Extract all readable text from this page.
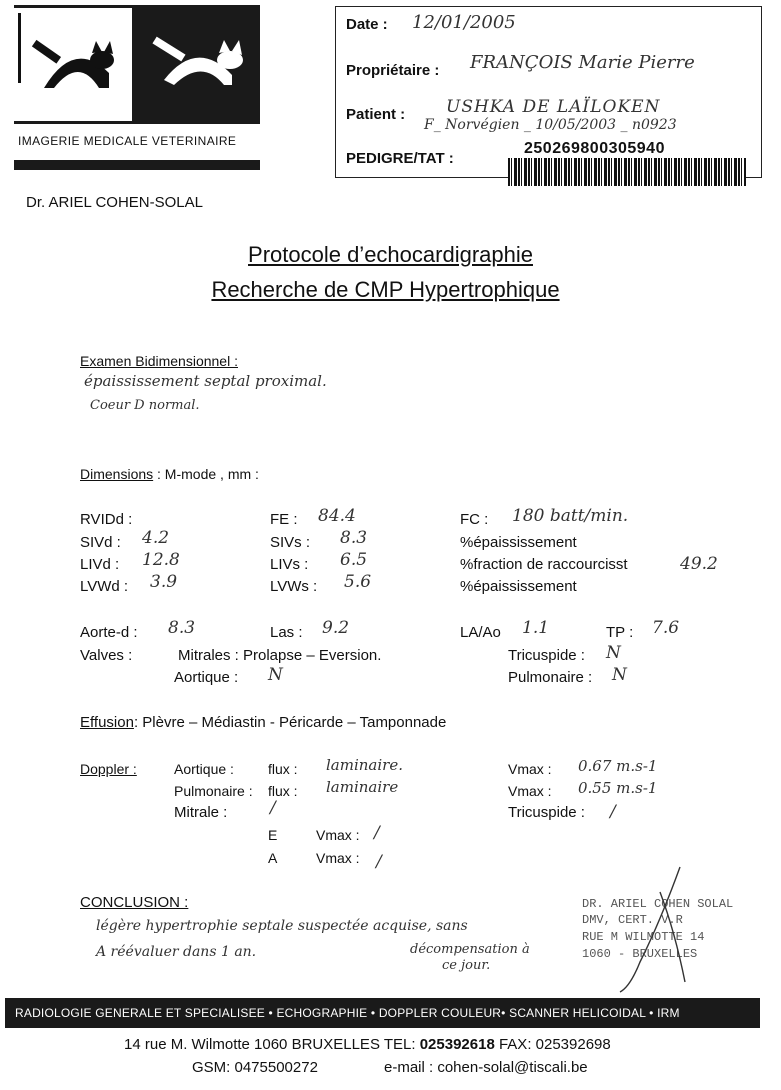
IMAGERIE MEDICALE VETERINAIRE
Date : 12/01/2005
Propriétaire : FRANÇOIS Marie Pierre
Patient : USHKA DE LAÏLOKEN
F_ Norvégien _ 10/05/2003 _ n0923
PEDIGRE/TAT :
250269800305940
Dr. ARIEL COHEN-SOLAL
Protocole d’echocardigraphie
Recherche de CMP Hypertrophique
Examen Bidimensionnel :
épaississement septal proximal.
Coeur D normal.
Dimensions : M-mode , mm :
RVIDd :	FE : 84.4	FC : 180 batt/min.
SIVd : 4.2	SIVs : 8.3	%épaississement
LIVd : 12.8	LIVs : 6.5	%fraction de raccourcisst	49.2
LVWd : 3.9	LVWs : 5.6	%épaississement
Aorte-d : 8.3	Las : 9.2	LA/Ao 1.1	TP : 7.6
Valves :	Mitrales : Prolapse – Eversion.	Tricuspide : N
Aortique : N	Pulmonaire : N
Effusion: Plèvre – Médiastin - Péricarde – Tamponnade
Doppler :	Aortique : flux : laminaire.	Vmax : 0.67 m.s-1
Pulmonaire : flux : laminaire	Vmax : 0.55 m.s-1
Mitrale :	/	Tricuspide : /
E	Vmax : /
A	Vmax : /
CONCLUSION :
légère hypertrophie septale suspectée acquise, sans
A réévaluer dans 1 an.	décompensation à
ce jour.
DR. ARIEL COHEN SOLAL
DMV, CERT. V.R
RUE M WILMOTTE 14
1060 - BRUXELLES
RADIOLOGIE GENERALE ET SPECIALISEE • ECHOGRAPHIE • DOPPLER COULEUR• SCANNER HELICOIDAL • IRM
14 rue M. Wilmotte 1060 BRUXELLES TEL: 025392618 FAX: 025392698
GSM: 0475500272	e-mail : cohen-solal@tiscali.be
